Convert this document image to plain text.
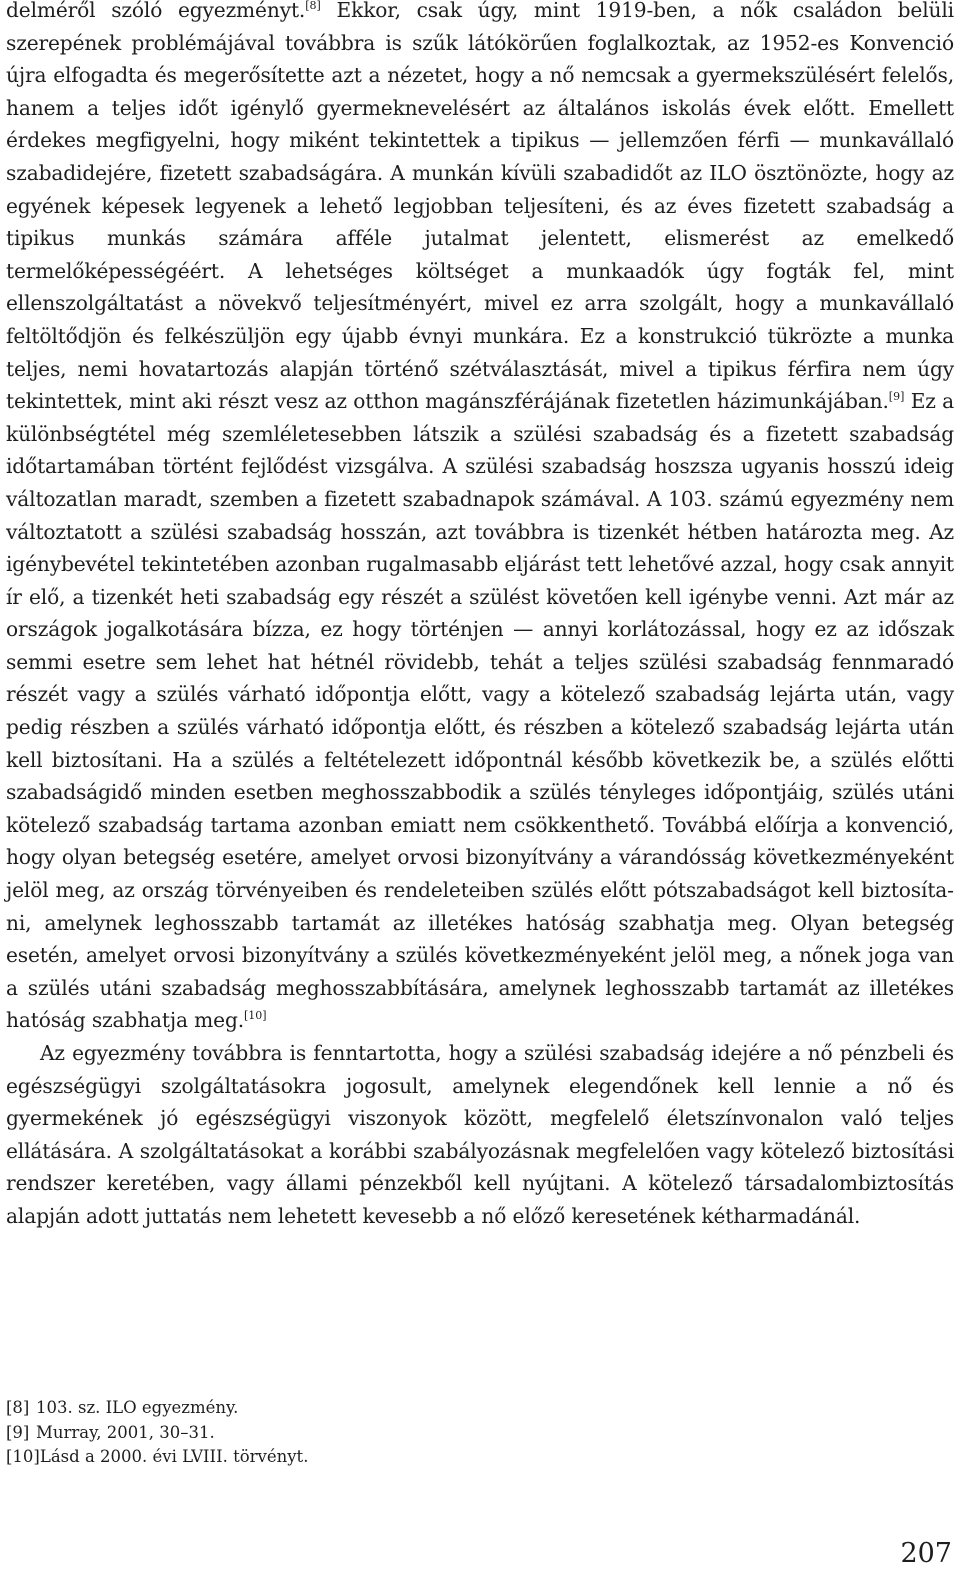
delméről szóló egyezményt.[8] Ekkor, csak úgy, mint 1919-ben, a nők családon belüli szerepének problémájával továbbra is szűk látókörűen foglalkoztak, az 1952-es Konvenció újra elfogadta és megerősítette azt a nézetet, hogy a nő nemcsak a gyermekszülésért felelős, hanem a teljes időt igénylő gyermeknevelésért az általános iskolás évek előtt. Emellett érdekes megfigyelni, hogy miként tekintettek a tipikus — jellemzően férfi — munkavállaló szabadidejére, fizetett szabadságára. A munkán kívüli szabadidőt az ILO ösztönözte, hogy az egyének képesek legyenek a lehető legjobban teljesíteni, és az éves fizetett szabadság a tipikus munkás számára afféle jutalmat jelentett, elismerést az emelkedő termelőképességéért. A lehetséges költséget a munkaadók úgy fogták fel, mint ellenszolgáltatást a növekvő teljesítményért, mivel ez arra szolgált, hogy a munkavállaló feltöltődjön és felkészüljön egy újabb évnyi munkára. Ez a konstrukció tükrözte a munka teljes, nemi hovatartozás alapján történő szétválasztását, mivel a tipikus férfira nem úgy tekintettek, mint aki részt vesz az otthon magánszférájának fizetetlen házimunkájában.[9] Ez a különbségtétel még szemléletesebben látszik a szülési szabadság és a fizetett szabadság időtartamában történt fejlődést vizsgálva. A szülési szabadság hoszsza ugyanis hosszú ideig változatlan maradt, szemben a fizetett szabadnapok számával. A 103. számú egyezmény nem változtatott a szülési szabadság hosszán, azt továbbra is tizenkét hétben határozta meg. Az igénybevétel tekintetében azonban rugalmasabb eljárást tett lehetővé azzal, hogy csak annyit ír elő, a tizenkét heti szabadság egy részét a szülést követően kell igénybe venni. Azt már az országok jogalkotására bízza, ez hogy történjen — annyi korlátozással, hogy ez az időszak semmi esetre sem lehet hat hétnél rövidebb, tehát a teljes szülési szabadság fennmaradó részét vagy a szülés várható időpontja előtt, vagy a kötelező szabadság lejárta után, vagy pedig részben a szülés várható időpontja előtt, és részben a kötelező szabadság lejárta után kell biztosítani. Ha a szülés a feltételezett időpontnál később következik be, a szülés előtti szabadságidő minden esetben meghosszabbodik a szülés tényleges időpontjáig, szülés utáni kötelező szabadság tartama azonban emiatt nem csökkenthető. Továbbá előírja a konvenció, hogy olyan betegség esetére, amelyet orvosi bizonyítvány a várandósság következményeként jelöl meg, az ország törvényeiben és rendeleteiben szülés előtt pótszabadságot kell biztosítani, amelynek leghosszabb tartamát az illetékes hatóság szabhatja meg. Olyan betegség esetén, amelyet orvosi bizonyítvány a szülés következményeként jelöl meg, a nőnek joga van a szülés utáni szabadság meghosszabbítására, amelynek leghosszabb tartamát az illetékes hatóság szabhatja meg.[10]

Az egyezmény továbbra is fenntartotta, hogy a szülési szabadság idejére a nő pénzbeli és egészségügyi szolgáltatásokra jogosult, amelynek elegendőnek kell lennie a nő és gyermekének jó egészségügyi viszonyok között, megfelelő életszínvonalon való teljes ellátására. A szolgáltatásokat a korábbi szabályozásnak megfelelően vagy kötelező biztosítási rendszer keretében, vagy állami pénzekből kell nyújtani. A kötelező társadalombiztosítás alapján adott juttatás nem lehetett kevesebb a nő előző keresetének kétharmadánál.

[8] 103. sz. ILO egyezmény.
[9] Murray, 2001, 30–31.
[10] Lásd a 2000. évi LVIII. törvényt.
207
